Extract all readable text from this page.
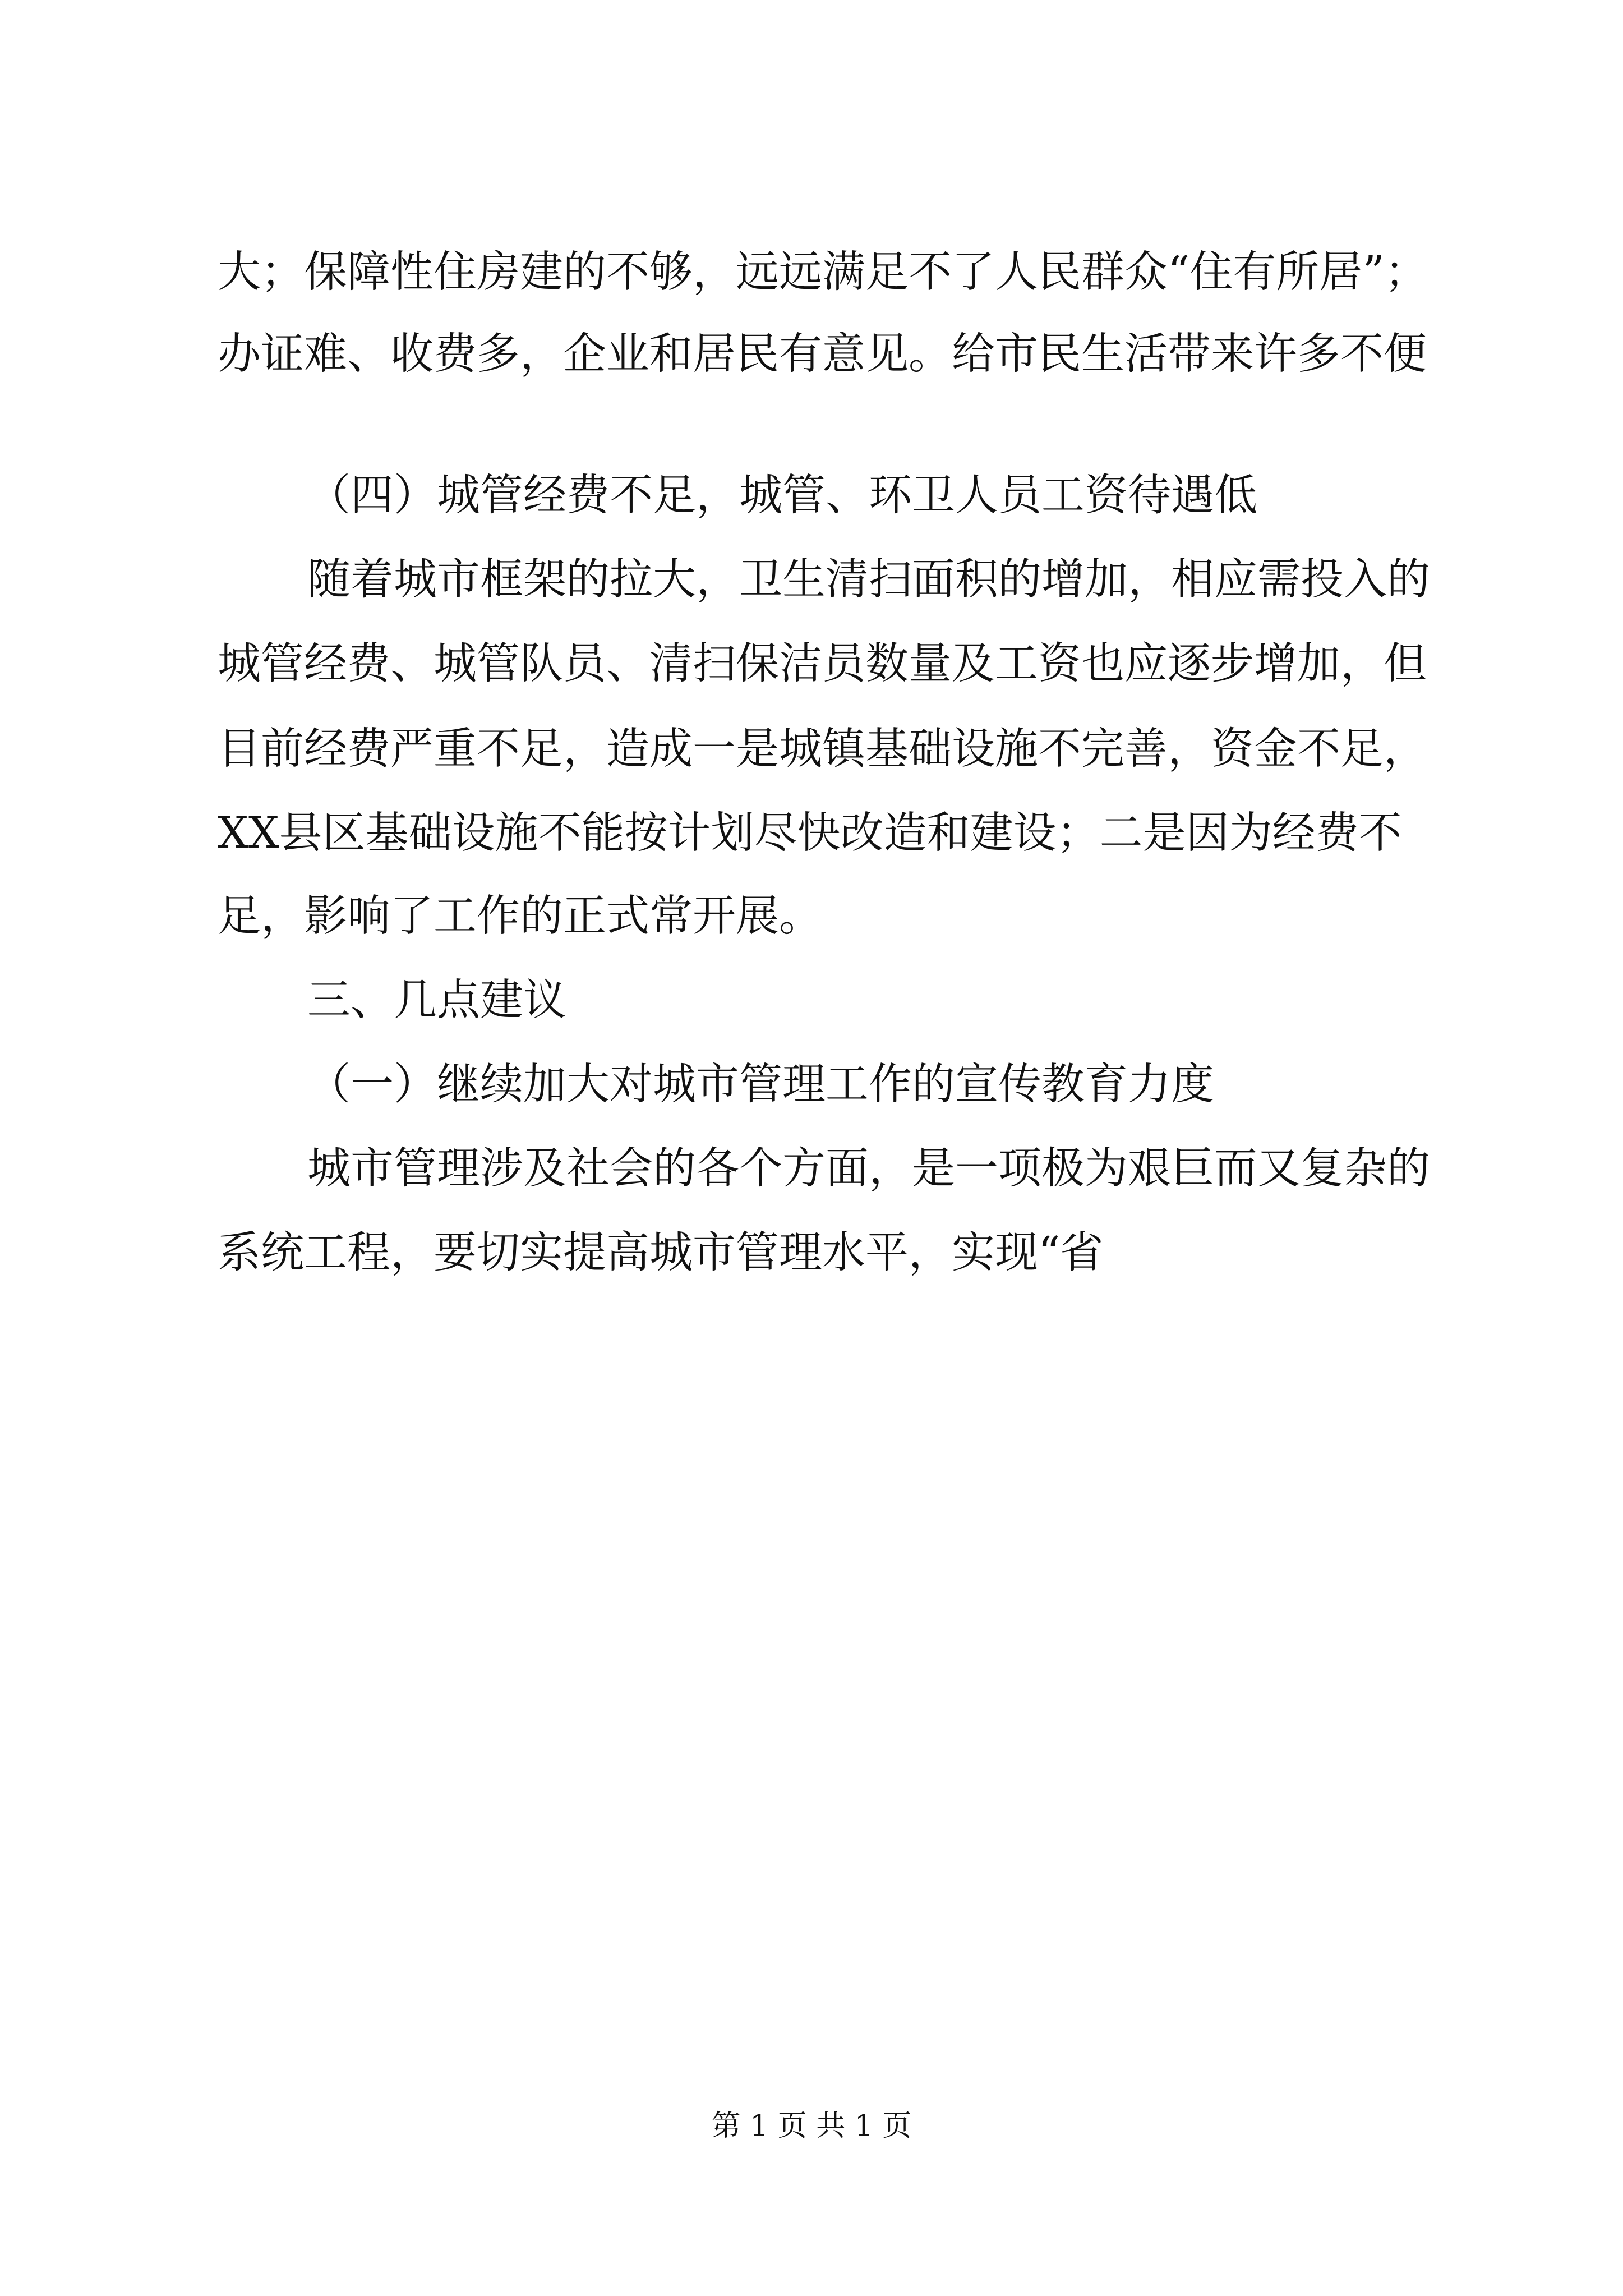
大；保障性住房建的不够，远远满足不了人民群众“住有所居”；

办证难、收费多，企业和居民有意见。给市民生活带来许多不便

（四）城管经费不足，城管、环卫人员工资待遇低

随着城市框架的拉大，卫生清扫面积的增加，相应需投入的

城管经费、城管队员、清扫保洁员数量及工资也应逐步增加，但

目前经费严重不足，造成一是城镇基础设施不完善，资金不足，

XX县区基础设施不能按计划尽快改造和建设；二是因为经费不

足，影响了工作的正式常开展。

三、几点建议

（一）继续加大对城市管理工作的宣传教育力度

城市管理涉及社会的各个方面，是一项极为艰巨而又复杂的

系统工程，要切实提高城市管理水平，实现“省

第 1 页 共 1 页
